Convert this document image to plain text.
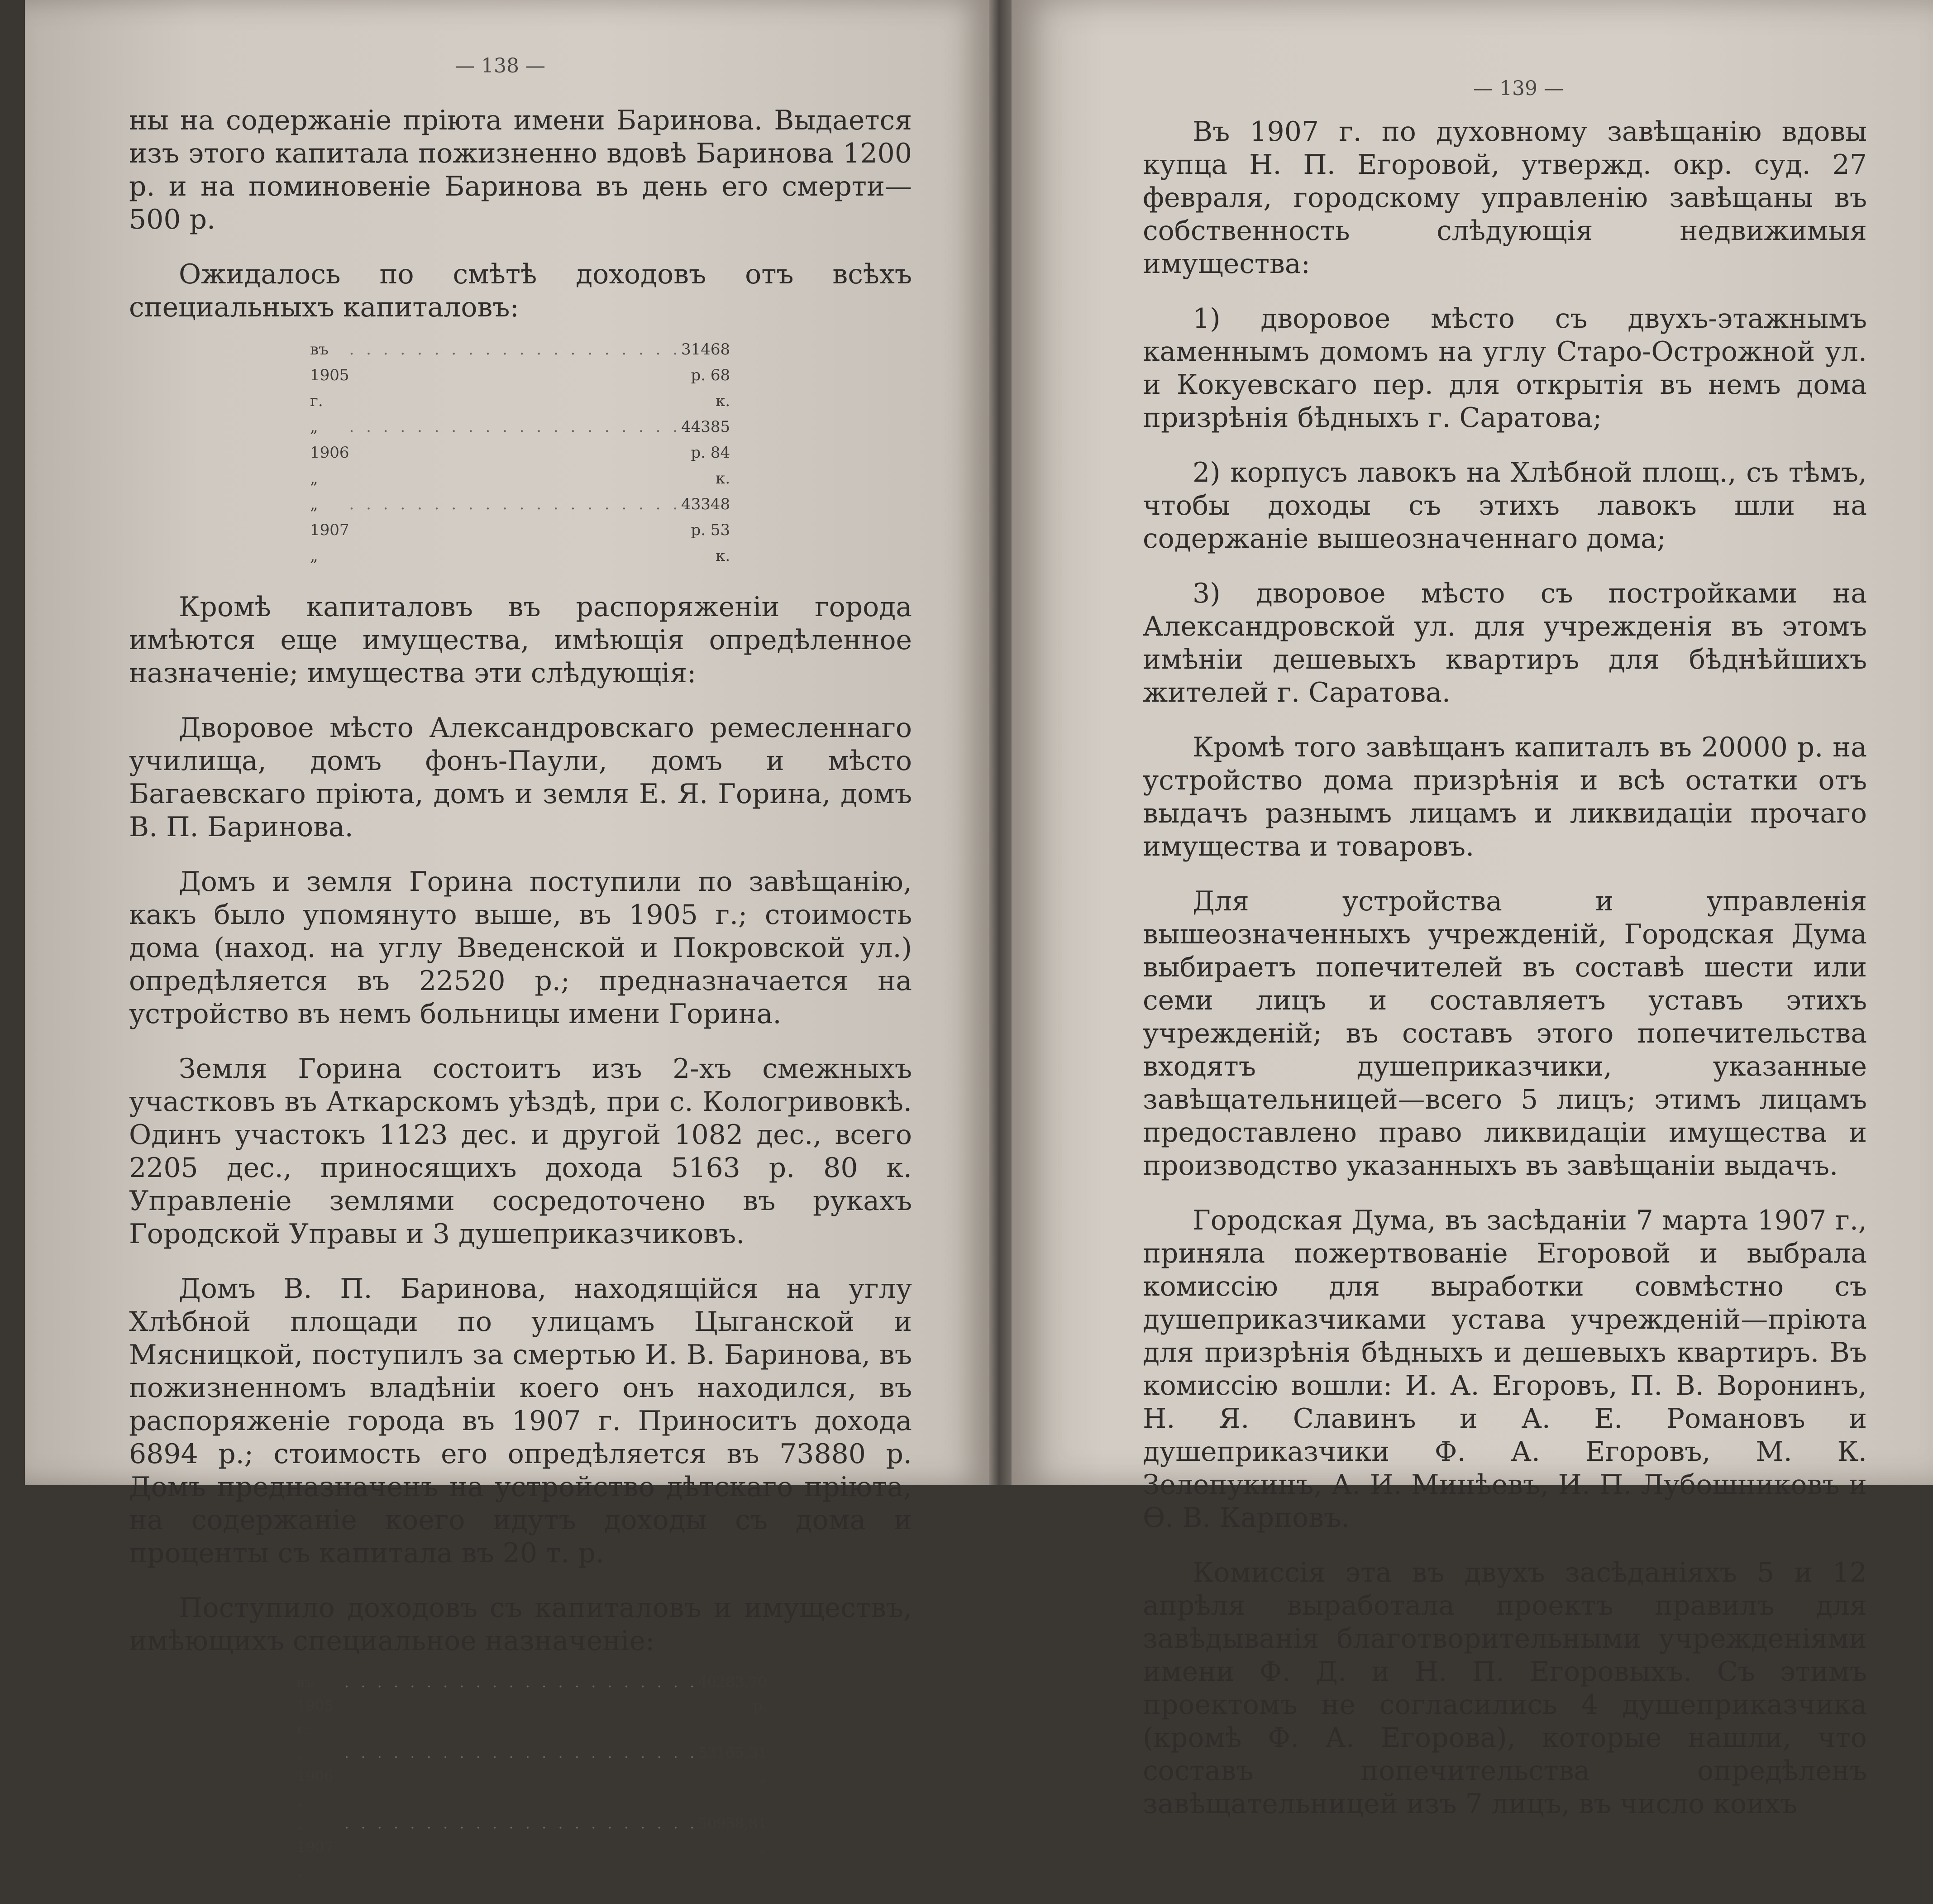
— 138 —

ны на содержаніе пріюта имени Баринова. Выдается изъ этого капитала пожизненно вдовѣ Баринова 1200 р. и на поминовеніе Баринова въ день его смерти—500 р.

Ожидалось по смѣтѣ доходовъ отъ всѣхъ специальныхъ капиталовъ:

въ 1905 г.
. . . . . . . . . . . . . . . . . . . . 31468 р. 68 к.
„ 1906 „
. . . . . . . . . . . . . . . . . . . . 44385 р. 84 к.
„ 1907 „
. . . . . . . . . . . . . . . . . . . . 43348 р. 53 к.

Кромѣ капиталовъ въ распоряженіи города имѣются еще имущества, имѣющія опредѣленное назначеніе; имущества эти слѣдующія:

Дворовое мѣсто Александровскаго ремесленнаго училища, домъ фонъ-Паули, домъ и мѣсто Багаевскаго пріюта, домъ и земля Е. Я. Горина, домъ В. П. Баринова.

Домъ и земля Горина поступили по завѣщанію, какъ было упомянуто выше, въ 1905 г.; стоимость дома (наход. на углу Введенской и Покровской ул.) опредѣляется въ 22520 р.; предназначается на устройство въ немъ больницы имени Горина.

Земля Горина состоитъ изъ 2-хъ смежныхъ участковъ въ Аткарскомъ уѣздѣ, при с. Кологривовкѣ. Одинъ участокъ 1123 дес. и другой 1082 дес., всего 2205 дес., приносящихъ дохода 5163 р. 80 к. Управленіе землями сосредоточено въ рукахъ Городской Управы и 3 душеприказчиковъ.

Домъ В. П. Баринова, находящійся на углу Хлѣбной площади по улицамъ Цыганской и Мясницкой, поступилъ за смертью И. В. Баринова, въ пожизненномъ владѣніи коего онъ находился, въ распоряженіе города въ 1907 г. Приноситъ дохода 6894 р.; стоимость его опредѣляется въ 73880 р. Домъ предназначенъ на устройство дѣтскаго пріюта, на содержаніе коего идутъ доходы съ дома и проценты съ капитала въ 20 т. р.

Поступило доходовъ съ капиталовъ и имуществъ, имѣющихъ специальное назначеніе:

въ 1905 г.
. . . . . . . . . . . . . . . . . . . . . . 40283,70 р.
„ 1906 „
. . . . . . . . . . . . . . . . . . . . . . 53165,31 „
„ 1907 „
. . . . . . . . . . . . . . . . . . . . . . 50938,81 „
— 139 —

Въ 1907 г. по духовному завѣщанію вдовы купца Н. П. Егоровой, утвержд. окр. суд. 27 февраля, городскому управленію завѣщаны въ собственность слѣдующія недвижимыя имущества:

1) дворовое мѣсто съ двухъ-этажнымъ каменнымъ домомъ на углу Старо-Острожной ул. и Кокуевскаго пер. для открытія въ немъ дома призрѣнія бѣдныхъ г. Саратова;

2) корпусъ лавокъ на Хлѣбной площ., съ тѣмъ, чтобы доходы съ этихъ лавокъ шли на содержаніе вышеозначеннаго дома;

3) дворовое мѣсто съ постройками на Александровской ул. для учрежденія въ этомъ имѣніи дешевыхъ квартиръ для бѣднѣйшихъ жителей г. Саратова.

Кромѣ того завѣщанъ капиталъ въ 20000 р. на устройство дома призрѣнія и всѣ остатки отъ выдачъ разнымъ лицамъ и ликвидаціи прочаго имущества и товаровъ.

Для устройства и управленія вышеозначенныхъ учрежденій, Городская Дума выбираетъ попечителей въ составѣ шести или семи лицъ и составляетъ уставъ этихъ учрежденій; въ составъ этого попечительства входятъ душеприказчики, указанные завѣщательницей—всего 5 лицъ; этимъ лицамъ предоставлено право ликвидаціи имущества и производство указанныхъ въ завѣщаніи выдачъ.

Городская Дума, въ засѣданіи 7 марта 1907 г., приняла пожертвованіе Егоровой и выбрала комиссію для выработки совмѣстно съ душеприказчиками устава учрежденій—пріюта для призрѣнія бѣдныхъ и дешевыхъ квартиръ. Въ комиссію вошли: И. А. Егоровъ, П. В. Воронинъ, Н. Я. Славинъ и А. Е. Романовъ и душеприказчики Ф. А. Егоровъ, М. К. Зелепукинъ, А. И. Минѣевъ, И. П. Лубошниковъ и Ѳ. В. Карповъ.

Комиссія эта въ двухъ засѣданіяхъ 5 и 12 апрѣля выработала проектъ правилъ для завѣдыванія благотворительными учрежденіями имени Ф. Д. и Н. П. Егоровыхъ. Съ этимъ проектомъ не согласились 4 душеприказчика (кромѣ Ф. А. Егорова), которые нашли, что составъ попечительства опредѣленъ завѣщательницей изъ 7 лицъ, въ число коихъ
